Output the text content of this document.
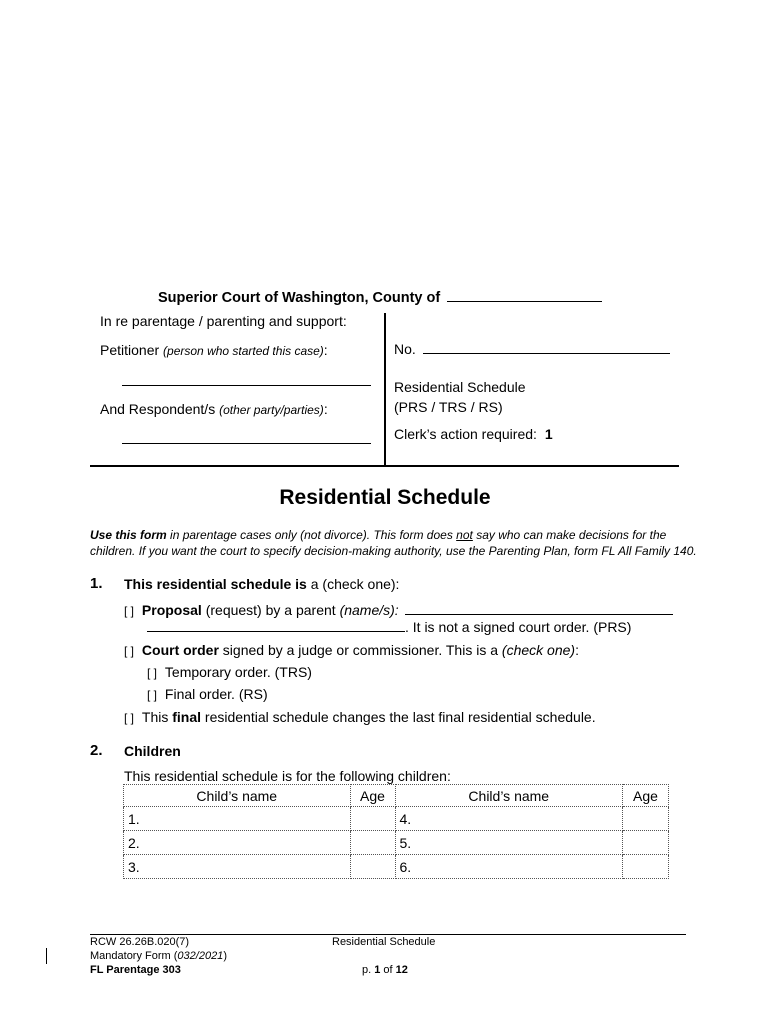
Superior Court of Washington, County of
In re parentage / parenting and support:
Petitioner (person who started this case):
And Respondent/s (other party/parties):
No.
Residential Schedule
(PRS / TRS / RS)
Clerk’s action required: 1
Residential Schedule
Use this form in parentage cases only (not divorce). This form does not say who can make decisions for the
children. If you want the court to specify decision-making authority, use the Parenting Plan, form FL All Family 140.
1. This residential schedule is a (check one):
[ ] Proposal (request) by a parent (name/s):
. It is not a signed court order. (PRS)
[ ] Court order signed by a judge or commissioner. This is a (check one):
[ ] Temporary order. (TRS)
[ ] Final order. (RS)
[ ] This final residential schedule changes the last final residential schedule.
2. Children
This residential schedule is for the following children:
Child’s name	Age	Child’s name	Age
1.		4.	
2.		5.	
3.		6.	
RCW 26.26B.020(7)
Mandatory Form (032/2021)
FL Parentage 303
Residential Schedule
p. 1 of 12
